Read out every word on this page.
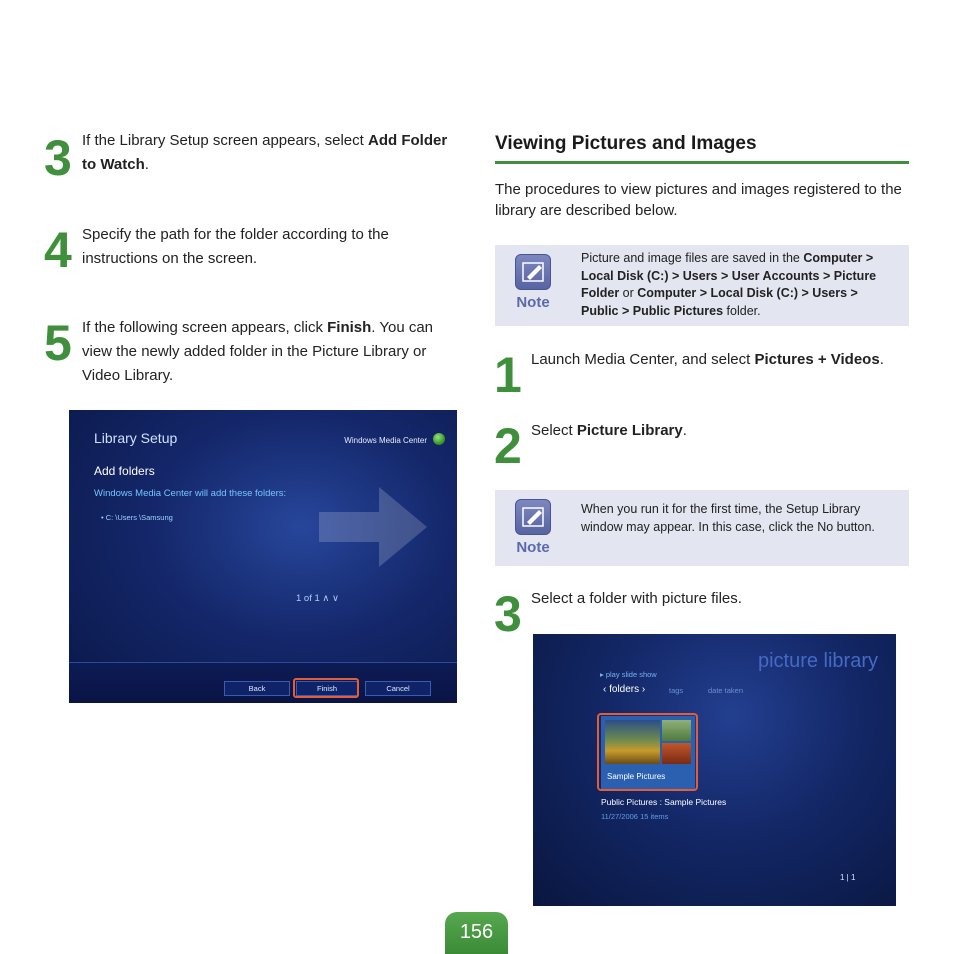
3 If the Library Setup screen appears, select Add Folder to Watch.
4 Specify the path for the folder according to the instructions on the screen.
5 If the following screen appears, click Finish. You can view the newly added folder in the Picture Library or Video Library.
Library Setup	Windows Media Center
Add folders
Windows Media Center will add these folders:
• C: \Users \Samsung
1 of 1 ∧ ∨
Back	Finish	Cancel
Viewing Pictures and Images
The procedures to view pictures and images registered to the library are described below.
Note
Picture and image files are saved in the Computer > Local Disk (C:) > Users > User Accounts > Picture Folder or Computer > Local Disk (C:) > Users > Public > Public Pictures folder.
1 Launch Media Center, and select Pictures + Videos.
2 Select Picture Library.
Note
When you run it for the first time, the Setup Library window may appear. In this case, click the No button.
3 Select a folder with picture files.
picture library
▸ play slide show
‹ folders ›	tags	date taken
Sample Pictures
Public Pictures : Sample Pictures
11/27/2006 15 items
1 | 1
156
